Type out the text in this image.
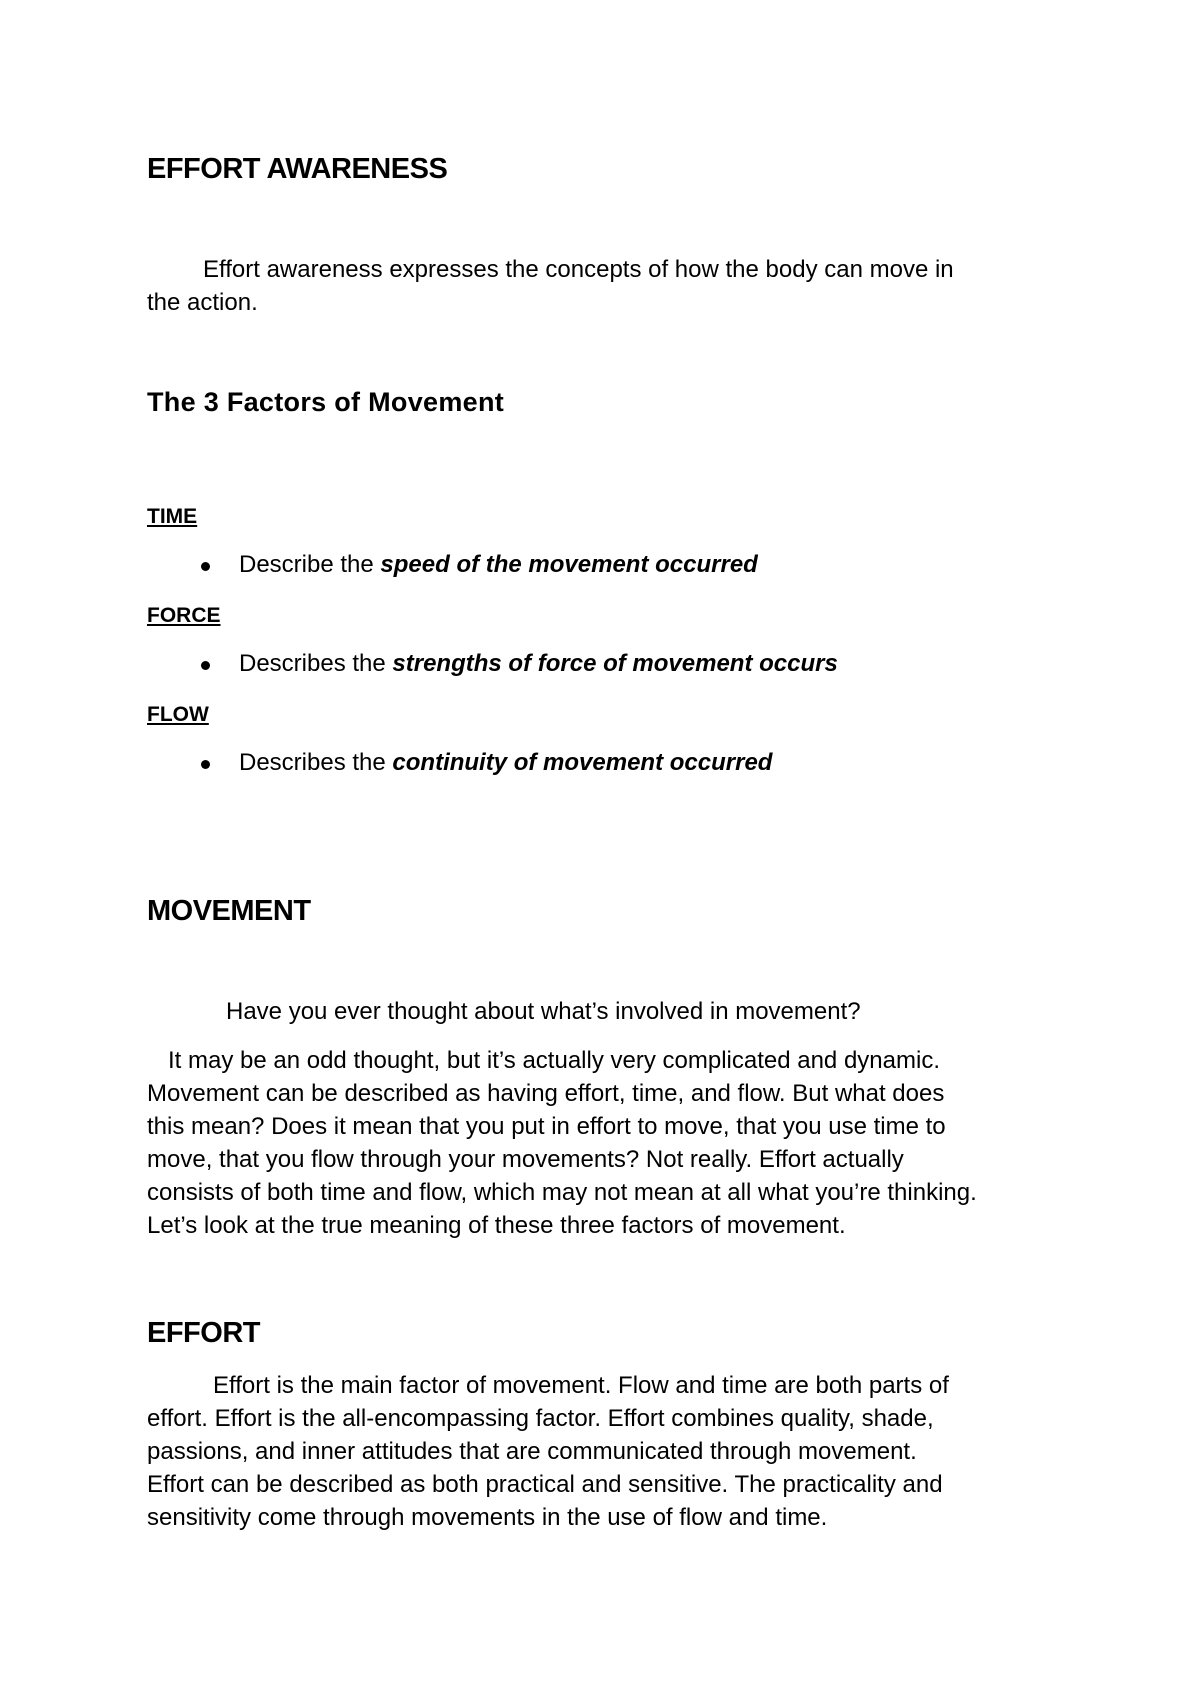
EFFORT AWARENESS
Effort awareness expresses the concepts of how the body can move in
the action.
The 3 Factors of Movement
TIME
Describe the speed of the movement occurred
FORCE
Describes the strengths of force of movement occurs
FLOW
Describes the continuity of movement occurred
MOVEMENT
Have you ever thought about what’s involved in movement?
It may be an odd thought, but it’s actually very complicated and dynamic.
Movement can be described as having effort, time, and flow. But what does
this mean? Does it mean that you put in effort to move, that you use time to
move, that you flow through your movements? Not really. Effort actually
consists of both time and flow, which may not mean at all what you’re thinking.
Let’s look at the true meaning of these three factors of movement.
EFFORT
Effort is the main factor of movement. Flow and time are both parts of
effort. Effort is the all-encompassing factor. Effort combines quality, shade,
passions, and inner attitudes that are communicated through movement.
Effort can be described as both practical and sensitive. The practicality and
sensitivity come through movements in the use of flow and time.
